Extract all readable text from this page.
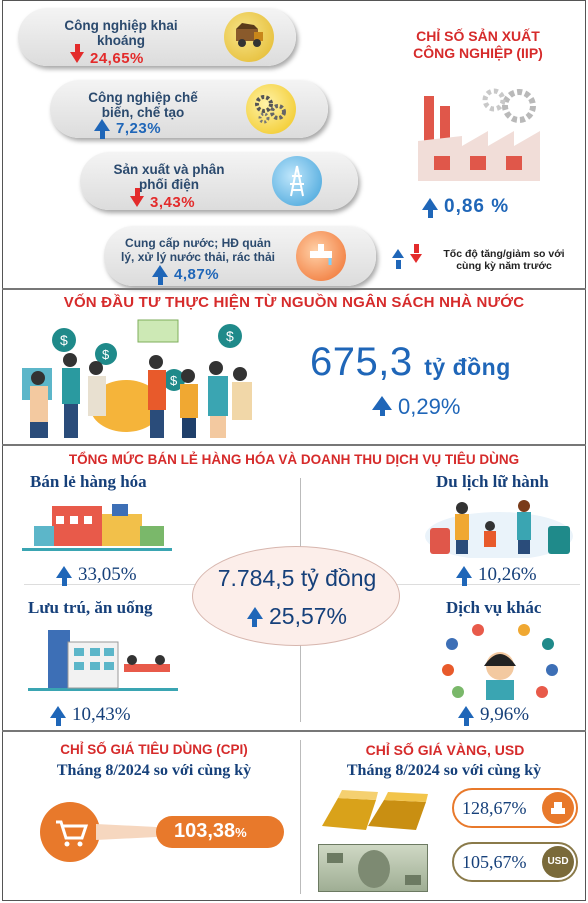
Công nghiệp khai
khoáng
24,65%
Công nghiệp chế
biến, chế tạo
7,23%
Sản xuất và phân
phối điện
3,43%
Cung cấp nước; HĐ quản
lý, xử lý nước thải, rác thải
4,87%
CHỈ SỐ SẢN XUẤT
CÔNG NGHIỆP (IIP)
0,86 %

Tốc độ tăng/giảm so với cùng kỳ năm trước
VỐN ĐẦU TƯ THỰC HIỆN TỪ NGUỒN NGÂN SÁCH NHÀ NƯỚC
$
$
$
$	675,3 tỷ đồng
0,29%
TỔNG MỨC BÁN LẺ HÀNG HÓA VÀ DOANH THU DỊCH VỤ TIÊU DÙNG
Bán lẻ hàng hóa
33,05%
Du lịch lữ hành
10,26%
7.784,5 tỷ đồng
25,57%
Lưu trú, ăn uống
10,43%
Dịch vụ khác
9,96%
CHỈ SỐ GIÁ TIÊU DÙNG (CPI)
Tháng 8/2024 so với cùng kỳ
103,38%
CHỈ SỐ GIÁ VÀNG, USD
Tháng 8/2024 so với cùng kỳ
128,67%
105,67%	USD
